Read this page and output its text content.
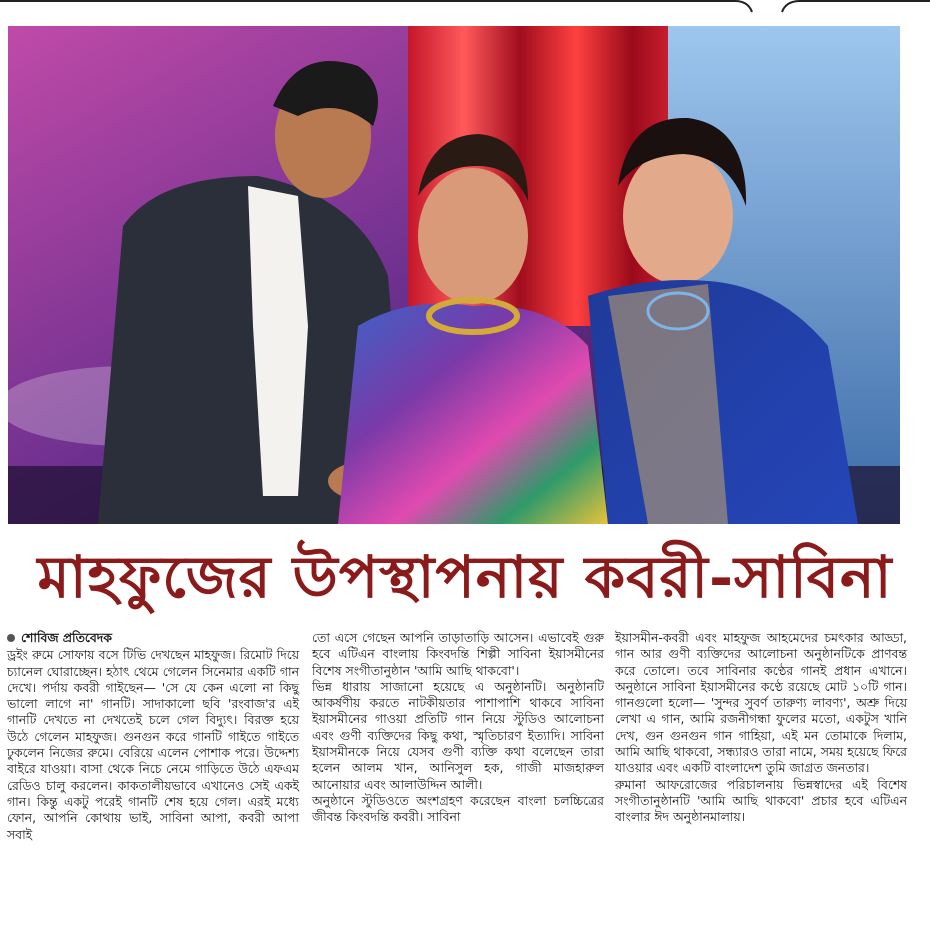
মাহফুজের উপস্থাপনায় কবরী-সাবিনা
শোবিজ প্রতিবেদক

ড্রইং রুমে সোফায় বসে টিভি দেখছেন মাহফুজ। রিমোট দিয়ে চ্যানেল ঘোরাচ্ছেন। হঠাৎ থেমে গেলেন সিনেমার একটি গান দেখে। পর্দায় কবরী গাইছেন— 'সে যে কেন এলো না কিছু ভালো লাগে না' গানটি। সাদাকালো ছবি 'রংবাজ'র এই গানটি দেখতে না দেখতেই চলে গেল বিদ্যুৎ। বিরক্ত হয়ে উঠে গেলেন মাহফুজ। গুনগুন করে গানটি গাইতে গাইতে ঢুকলেন নিজের রুমে। বেরিয়ে এলেন পোশাক পরে। উদ্দেশ্য বাইরে যাওয়া। বাসা থেকে নিচে নেমে গাড়িতে উঠে এফএম রেডিও চালু করলেন। কাকতালীয়ভাবে এখানেও সেই একই গান। কিন্তু একটু পরেই গানটি শেষ হয়ে গেল। এরই মধ্যে ফোন, আপনি কোথায় ভাই, সাবিনা আপা, কবরী আপা সবাই

তো এসে গেছেন আপনি তাড়াতাড়ি আসেন। এভাবেই গুরু হবে এটিএন বাংলায় কিংবদন্তি শিল্পী সাবিনা ইয়াসমীনের বিশেষ সংগীতানুষ্ঠান 'আমি আছি থাকবো'।

ভিন্ন ধারায় সাজানো হয়েছে এ অনুষ্ঠানটি। অনুষ্ঠানটি আকর্ষণীয় করতে নাটকীয়তার পাশাপাশি থাকবে সাবিনা ইয়াসমীনের গাওয়া প্রতিটি গান নিয়ে স্টুডিও আলোচনা এবং গুণী ব্যক্তিদের কিছু কথা, স্মৃতিচারণ ইত্যাদি। সাবিনা ইয়াসমীনকে নিয়ে যেসব গুণী ব্যক্তি কথা বলেছেন তারা হলেন আলম খান, আনিসুল হক, গাজী মাজহারুল আনোয়ার এবং আলাউদ্দিন আলী।

অনুষ্ঠানে স্টুডিওতে অংশগ্রহণ করেছেন বাংলা চলচ্চিত্রের জীবন্ত কিংবদন্তি কবরী। সাবিনা

ইয়াসমীন-কবরী এবং মাহফুজ আহমেদের চমৎকার আড্ডা, গান আর গুণী ব্যক্তিদের আলোচনা অনুষ্ঠানটিকে প্রাণবন্ত করে তোলে। তবে সাবিনার কণ্ঠের গানই প্রধান এখানে। অনুষ্ঠানে সাবিনা ইয়াসমীনের কণ্ঠে রয়েছে মোট ১০টি গান। গানগুলো হলো— 'সুন্দর সুবর্ণ তারুণ্য লাবণ্য', অশ্রু দিয়ে লেখা এ গান, আমি রজনীগন্ধা ফুলের মতো, একটুস খানি দেখ, গুন গুনগুন গান গাহিয়া, এই মন তোমাকে দিলাম, আমি আছি থাকবো, সন্ধ্যারও তারা নামে, সময় হয়েছে ফিরে যাওয়ার এবং একটি বাংলাদেশ তুমি জাগ্রত জনতার।

রুমানা আফরোজের পরিচালনায় ভিন্নস্বাদের এই বিশেষ সংগীতানুষ্ঠানটি 'আমি আছি থাকবো' প্রচার হবে এটিএন বাংলার ঈদ অনুষ্ঠানমালায়।
